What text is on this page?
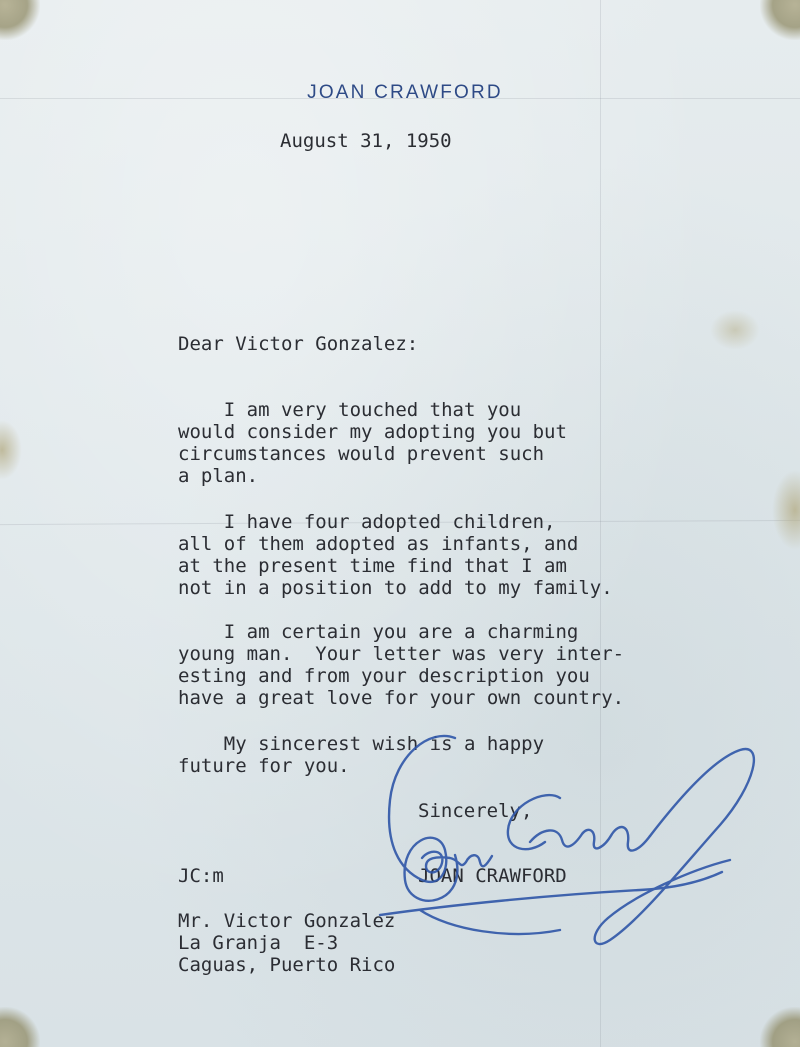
JOAN CRAWFORD
August 31, 1950
Dear Victor Gonzalez:
I am very touched that you
would consider my adopting you but
circumstances would prevent such
a plan.
I have four adopted children,
all of them adopted as infants, and
at the present time find that I am
not in a position to add to my family.
I am certain you are a charming
young man.  Your letter was very inter-
esting and from your description you
have a great love for your own country.
My sincerest wish is a happy
future for you.
Sincerely,
JOAN CRAWFORD
JC:m
Mr. Victor Gonzalez
La Granja  E-3
Caguas, Puerto Rico
